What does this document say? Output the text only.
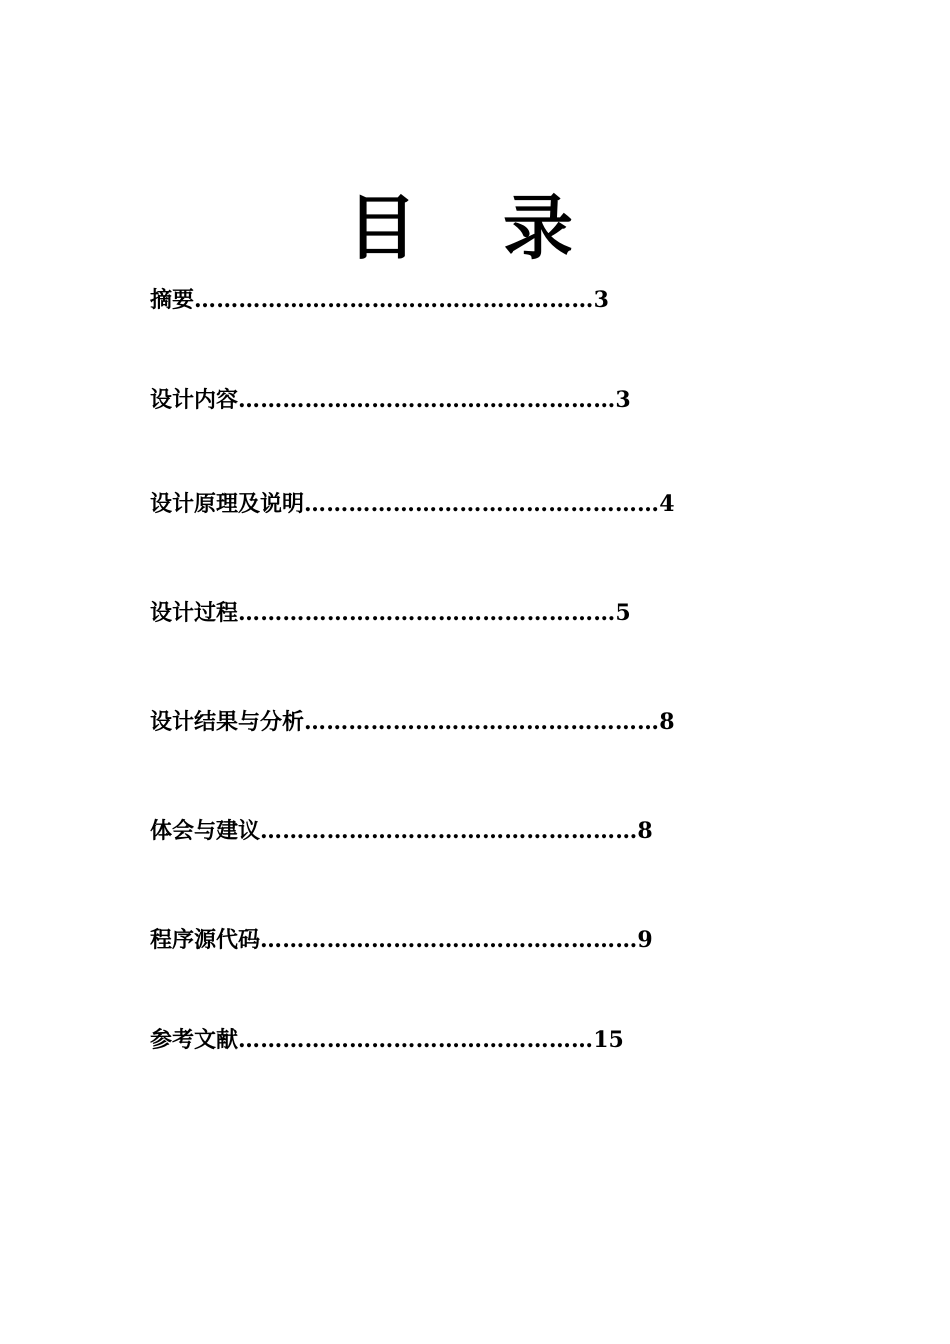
目录
摘要………………………………………………3
设计内容……………………………………………3
设计原理及说明…………………………………………4
设计过程……………………………………………5
设计结果与分析…………………………………………8
体会与建议……………………………………………8
程序源代码……………………………………………9
参考文献…………………………………………15
